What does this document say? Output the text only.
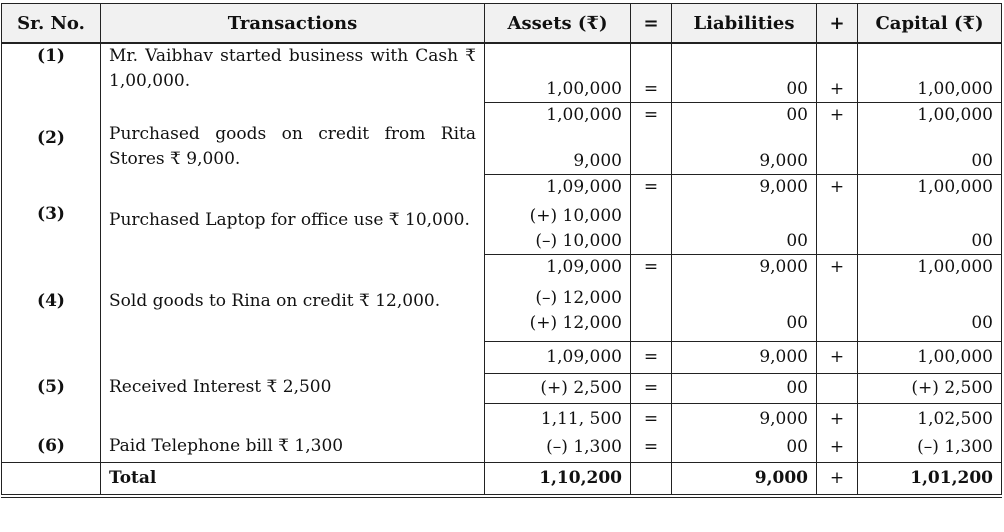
Sr. No.	Transactions	Assets (₹)	=	Liabilities	+	Capital (₹)
(1)	Mr. Vaibhav started business with Cash ₹ 1,00,000.	1,00,000	=	00	+	1,00,000
(2)	Purchased goods on credit from Rita Stores ₹ 9,000.	1,00,000	=	00	+	1,00,000
		9,000		9,000		00
(3)	Purchased Laptop for office use ₹ 10,000.	1,09,000	=	9,000	+	1,00,000
		(+) 10,000				
		(–) 10,000		00		00
(4)	Sold goods to Rina on credit ₹ 12,000.	1,09,000	=	9,000	+	1,00,000
		(–) 12,000				
		(+) 12,000		00		00
(5)	Received Interest ₹ 2,500	1,09,000	=	9,000	+	1,00,000
		(+) 2,500	=	00		(+) 2,500
(6)	Paid Telephone bill ₹ 1,300	1,11, 500	=	9,000	+	1,02,500
		(–) 1,300	=	00	+	(–) 1,300
	Total	1,10,200		9,000	+	1,01,200
